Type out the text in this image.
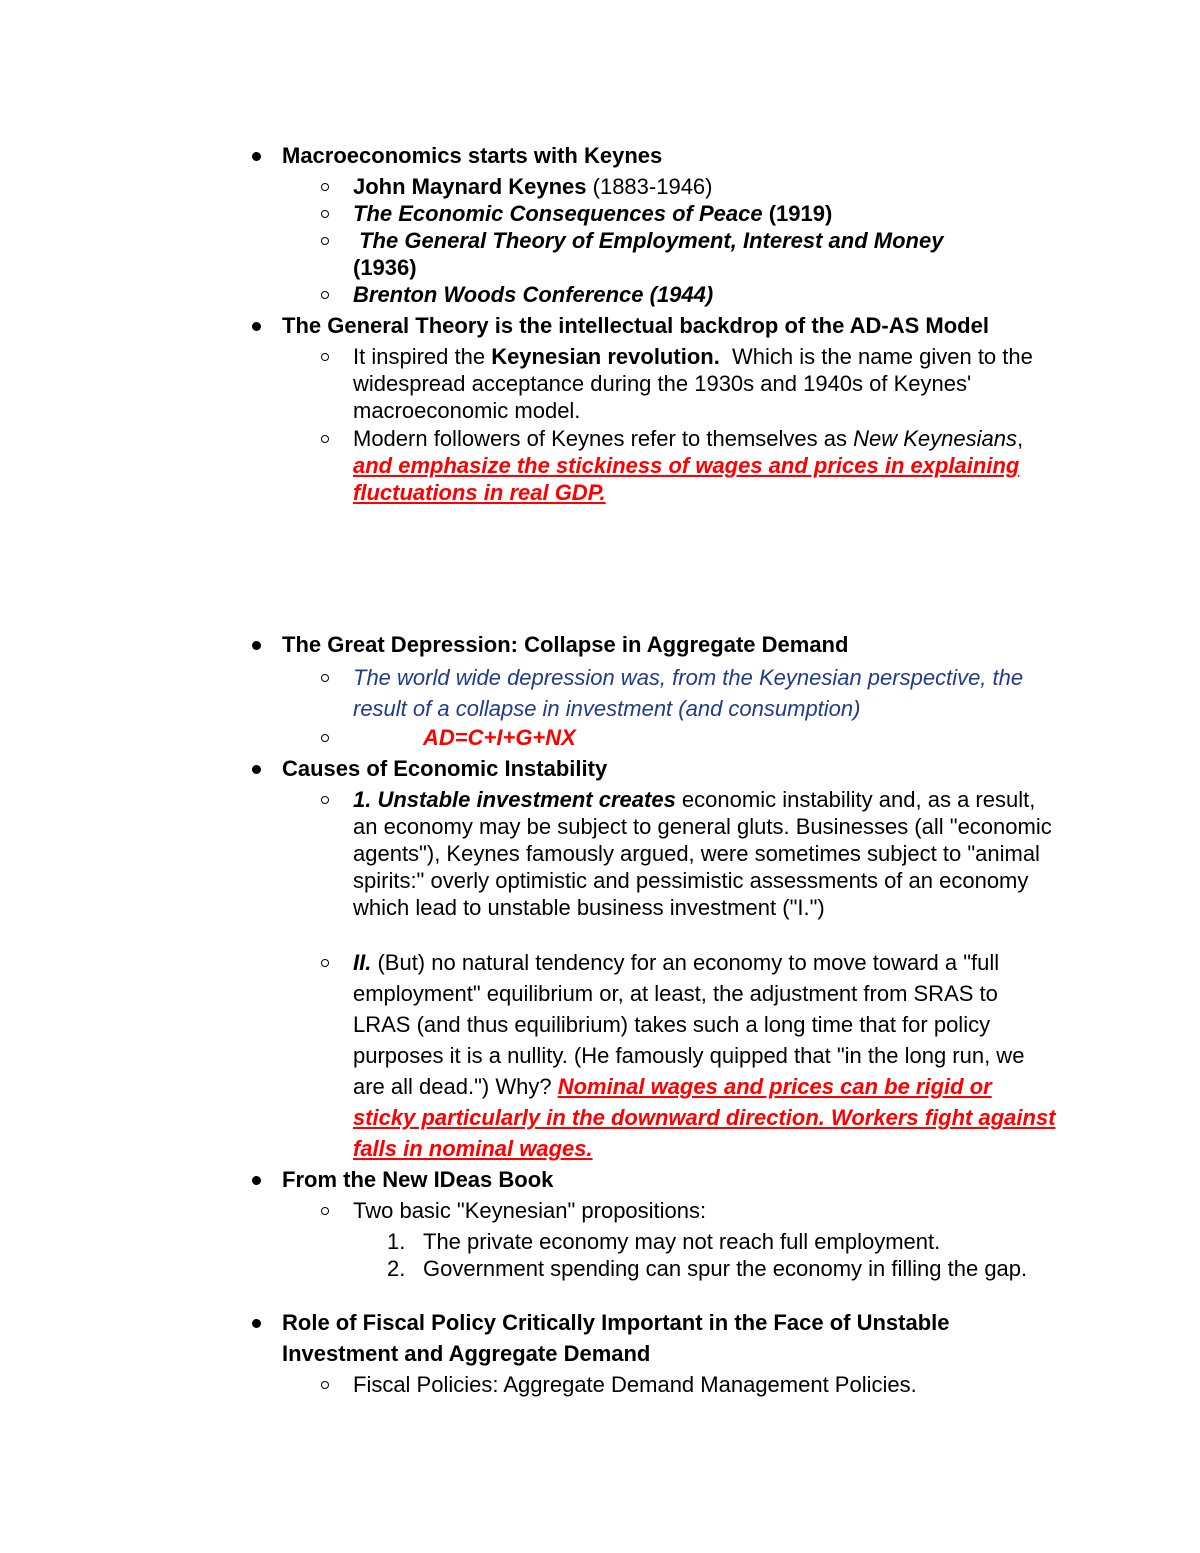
Macroeconomics starts with Keynes
John Maynard Keynes (1883-1946)
The Economic Consequences of Peace (1919)
The General Theory of Employment, Interest and Money
(1936)
Brenton Woods Conference (1944)
The General Theory is the intellectual backdrop of the AD-AS Model
It inspired the Keynesian revolution.  Which is the name given to the widespread acceptance during the 1930s and 1940s of Keynes' macroeconomic model.
Modern followers of Keynes refer to themselves as New Keynesians, and emphasize the stickiness of wages and prices in explaining fluctuations in real GDP.
The Great Depression: Collapse in Aggregate Demand
The world wide depression was, from the Keynesian perspective, the result of a collapse in investment (and consumption)
AD=C+I+G+NX
Causes of Economic Instability
1. Unstable investment creates economic instability and, as a result, an economy may be subject to general gluts. Businesses (all "economic agents"), Keynes famously argued, were sometimes subject to "animal spirits:" overly optimistic and pessimistic assessments of an economy which lead to unstable business investment ("I.")
II. (But) no natural tendency for an economy to move toward a "full employment" equilibrium or, at least, the adjustment from SRAS to LRAS (and thus equilibrium) takes such a long time that for policy purposes it is a nullity. (He famously quipped that "in the long run, we are all dead.") Why? Nominal wages and prices can be rigid or sticky particularly in the downward direction. Workers fight against falls in nominal wages.
From the New IDeas Book
Two basic "Keynesian" propositions:
1. The private economy may not reach full employment.
2. Government spending can spur the economy in filling the gap.
Role of Fiscal Policy Critically Important in the Face of Unstable Investment and Aggregate Demand
Fiscal Policies: Aggregate Demand Management Policies.
